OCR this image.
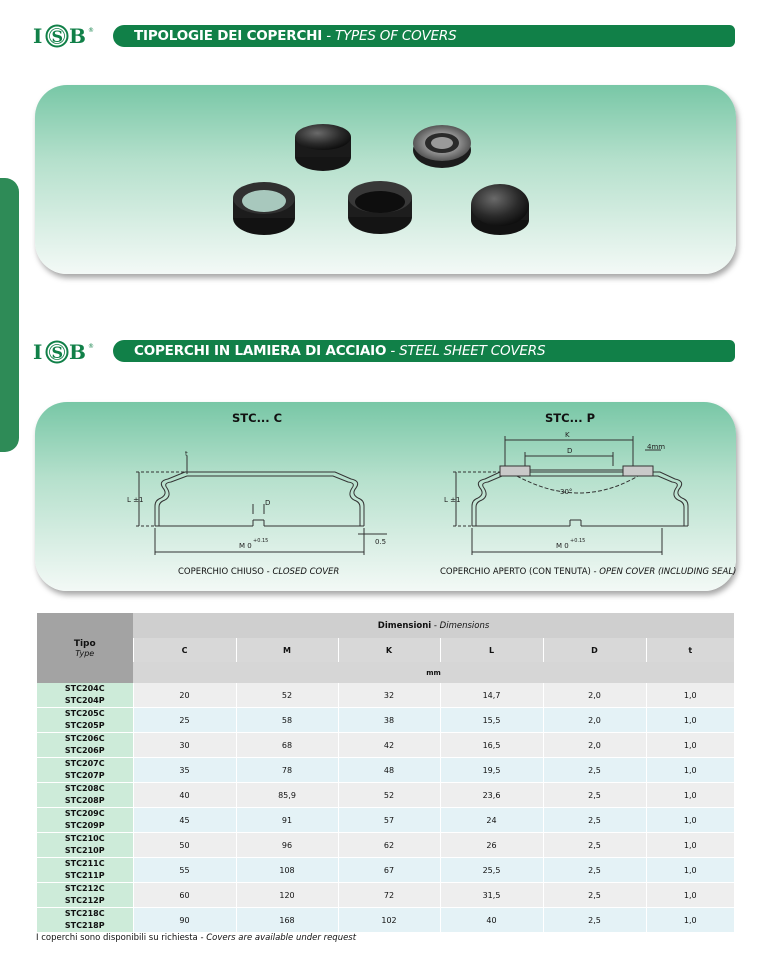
I S B ®	TIPOLOGIE DEI COPERCHI - TYPES OF COVERS
I S B ®	COPERCHI IN LAMIERA DI ACCIAIO - STEEL SHEET COVERS
STC... C	STC... P
t
L ±1	D
M 0
+0.15	0.5
K
D
L ±1
M 0
+0.15
30°
4mm
COPERCHIO CHIUSO - CLOSED COVER	COPERCHIO APERTO (CON TENUTA) - OPEN COVER (INCLUDING SEAL)
Tipo
Type	Dimensioni - Dimensions					
	C	M	K	L	D	t
	mm					

STC204C
STC204P	20	52	32	14,7	2,0	1,0

STC205C
STC205P	25	58	38	15,5	2,0	1,0

STC206C
STC206P	30	68	42	16,5	2,0	1,0

STC207C
STC207P	35	78	48	19,5	2,5	1,0

STC208C
STC208P	40	85,9	52	23,6	2,5	1,0

STC209C
STC209P	45	91	57	24	2,5	1,0

STC210C
STC210P	50	96	62	26	2,5	1,0

STC211C
STC211P	55	108	67	25,5	2,5	1,0

STC212C
STC212P	60	120	72	31,5	2,5	1,0

STC218C
STC218P	90	168	102	40	2,5	1,0
I coperchi sono disponibili su richiesta - Covers are available under request
